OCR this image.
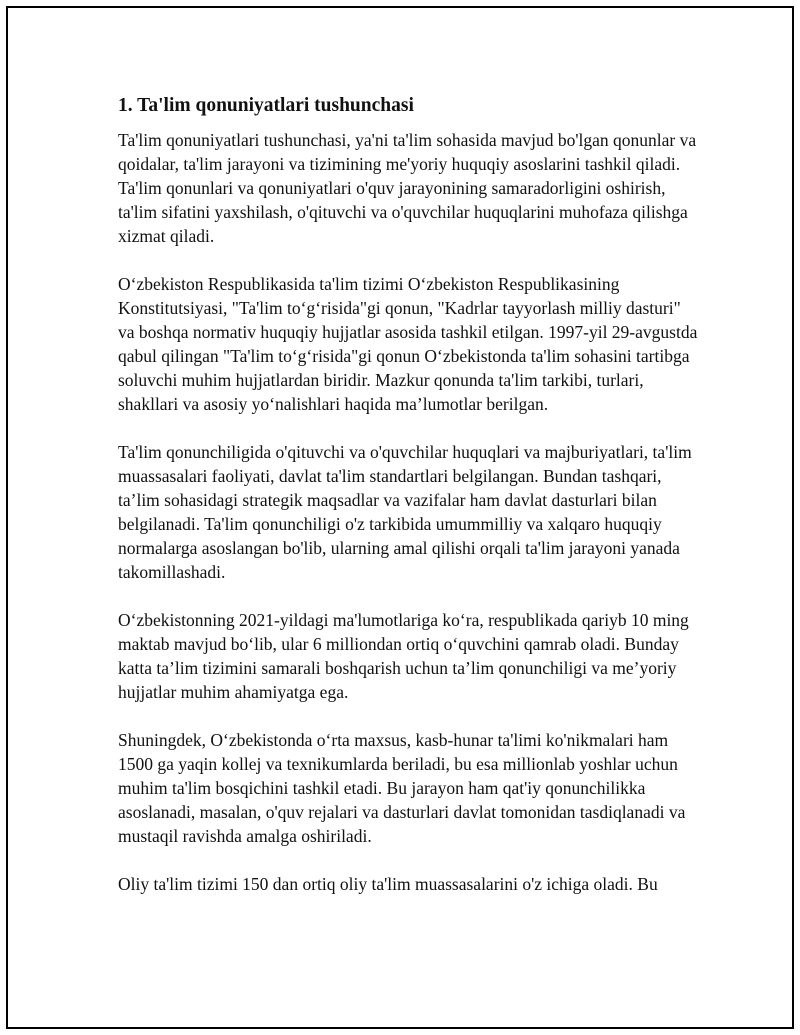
1. Ta'lim qonuniyatlari tushunchasi

Ta'lim qonuniyatlari tushunchasi, ya'ni ta'lim sohasida mavjud bo'lgan qonunlar va qoidalar, ta'lim jarayoni va tizimining me'yoriy huquqiy asoslarini tashkil qiladi. Ta'lim qonunlari va qonuniyatlari o'quv jarayonining samaradorligini oshirish, ta'lim sifatini yaxshilash, o'qituvchi va o'quvchilar huquqlarini muhofaza qilishga xizmat qiladi.

O‘zbekiston Respublikasida ta'lim tizimi O‘zbekiston Respublikasining Konstitutsiyasi, "Ta'lim to‘g‘risida"gi qonun, "Kadrlar tayyorlash milliy dasturi" va boshqa normativ huquqiy hujjatlar asosida tashkil etilgan. 1997-yil 29-avgustda qabul qilingan "Ta'lim to‘g‘risida"gi qonun O‘zbekistonda ta'lim sohasini tartibga soluvchi muhim hujjatlardan biridir. Mazkur qonunda ta'lim tarkibi, turlari, shakllari va asosiy yo‘nalishlari haqida ma’lumotlar berilgan.

Ta'lim qonunchiligida o'qituvchi va o'quvchilar huquqlari va majburiyatlari, ta'lim muassasalari faoliyati, davlat ta'lim standartlari belgilangan. Bundan tashqari, ta’lim sohasidagi strategik maqsadlar va vazifalar ham davlat dasturlari bilan belgilanadi. Ta'lim qonunchiligi o'z tarkibida umummilliy va xalqaro huquqiy normalarga asoslangan bo'lib, ularning amal qilishi orqali ta'lim jarayoni yanada takomillashadi.

O‘zbekistonning 2021-yildagi ma'lumotlariga ko‘ra, respublikada qariyb 10 ming maktab mavjud bo‘lib, ular 6 milliondan ortiq o‘quvchini qamrab oladi. Bunday katta ta’lim tizimini samarali boshqarish uchun ta’lim qonunchiligi va me’yoriy hujjatlar muhim ahamiyatga ega.

Shuningdek, O‘zbekistonda o‘rta maxsus, kasb-hunar ta'limi ko'nikmalari ham 1500 ga yaqin kollej va texnikumlarda beriladi, bu esa millionlab yoshlar uchun muhim ta'lim bosqichini tashkil etadi. Bu jarayon ham qat'iy qonunchilikka asoslanadi, masalan, o'quv rejalari va dasturlari davlat tomonidan tasdiqlanadi va mustaqil ravishda amalga oshiriladi.

Oliy ta'lim tizimi 150 dan ortiq oliy ta'lim muassasalarini o'z ichiga oladi. Bu
